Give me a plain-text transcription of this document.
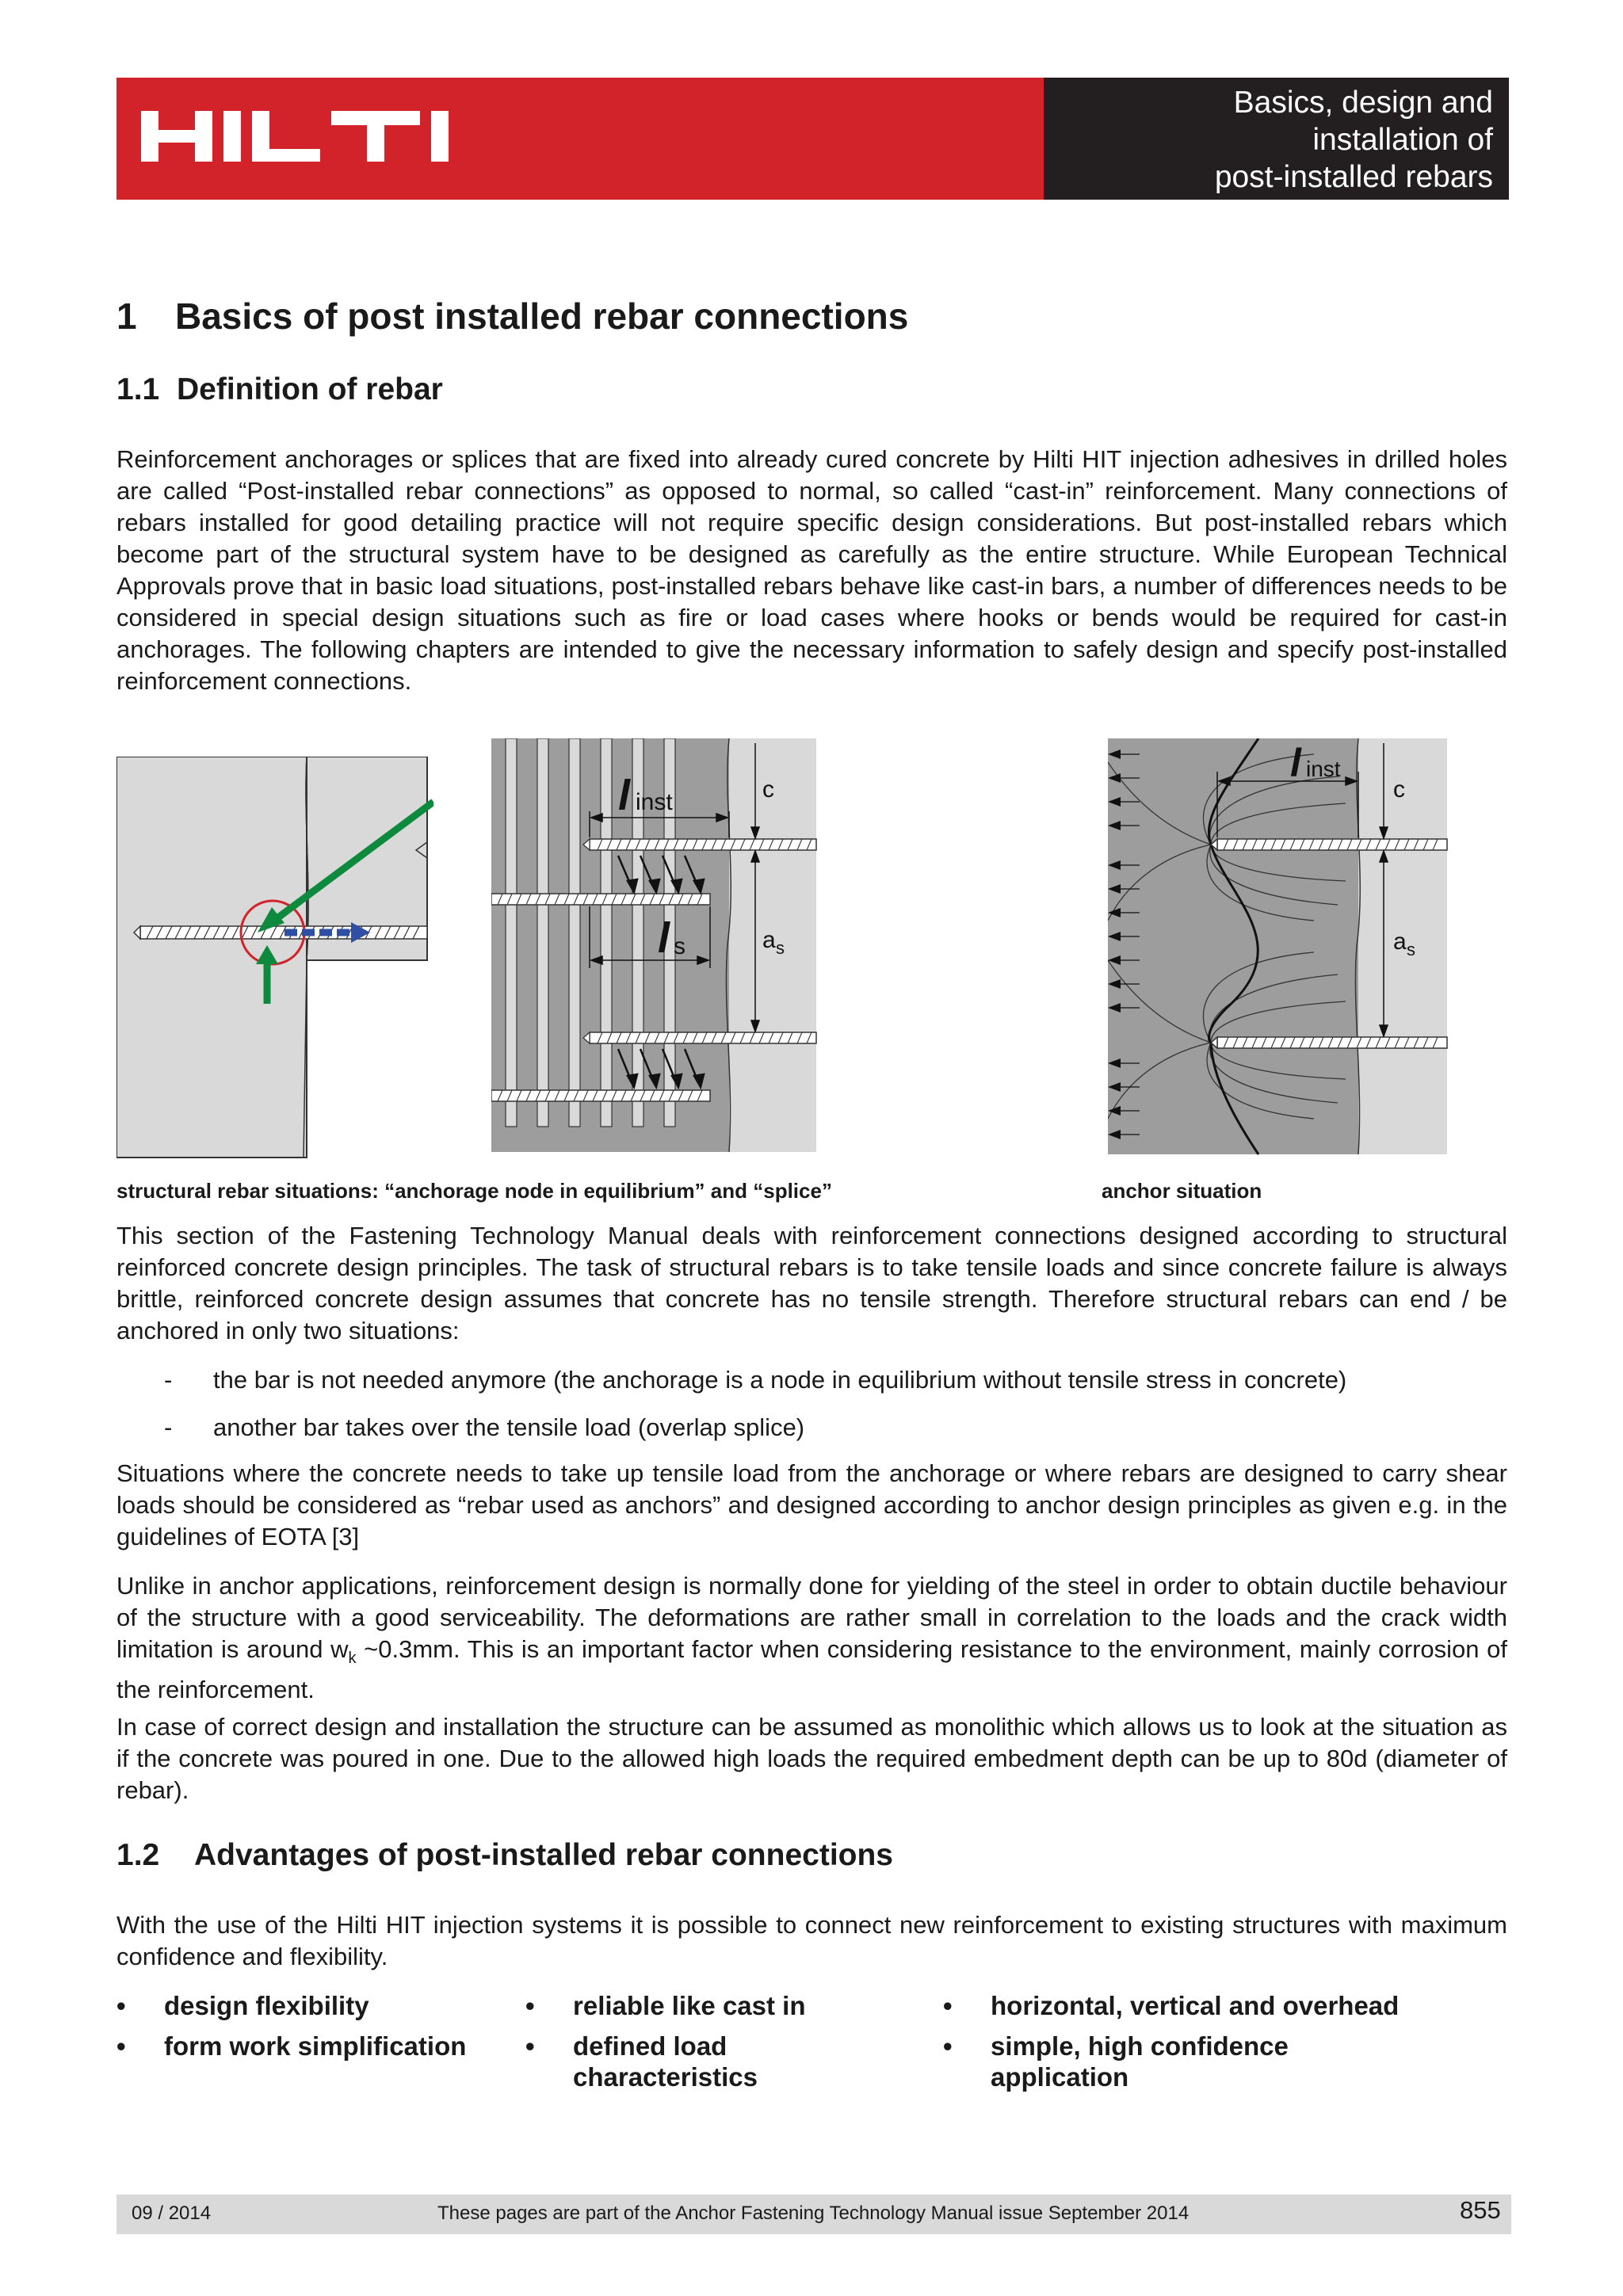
Basics, design and
installation of
post-installed rebars
1 Basics of post installed rebar connections
1.1 Definition of rebar
Reinforcement anchorages or splices that are fixed into already cured concrete by Hilti HIT injection adhesives in drilled holes are called “Post-installed rebar connections” as opposed to normal, so called “cast-in” reinforcement. Many connections of rebars installed for good detailing practice will not require specific design considerations. But post-installed rebars which become part of the structural system have to be designed as carefully as the entire structure. While European Technical Approvals prove that in basic load situations, post-installed rebars behave like cast-in bars, a number of differences needs to be considered in special design situations such as fire or load cases where hooks or bends would be required for cast-in anchorages. The following chapters are intended to give the necessary information to safely design and specify post-installed reinforcement connections.
l inst
l s
c
a s
l inst
c
a s
structural rebar situations: “anchorage node in equilibrium” and “splice”	anchor situation
This section of the Fastening Technology Manual deals with reinforcement connections designed according to structural reinforced concrete design principles. The task of structural rebars is to take tensile loads and since concrete failure is always brittle, reinforced concrete design assumes that concrete has no tensile strength. Therefore structural rebars can end / be anchored in only two situations:
- the bar is not needed anymore (the anchorage is a node in equilibrium without tensile stress in concrete)
- another bar takes over the tensile load (overlap splice)
Situations where the concrete needs to take up tensile load from the anchorage or where rebars are designed to carry shear loads should be considered as “rebar used as anchors” and designed according to anchor design principles as given e.g. in the guidelines of EOTA [3]
Unlike in anchor applications, reinforcement design is normally done for yielding of the steel in order to obtain ductile behaviour of the structure with a good serviceability. The deformations are rather small in correlation to the loads and the crack width limitation is around $w_k$ ~0.3mm. This is an important factor when considering resistance to the environment, mainly corrosion of the reinforcement.
In case of correct design and installation the structure can be assumed as monolithic which allows us to look at the situation as if the concrete was poured in one. Due to the allowed high loads the required embedment depth can be up to 80d (diameter of rebar).
1.2 Advantages of post-installed rebar connections
With the use of the Hilti HIT injection systems it is possible to connect new reinforcement to existing structures with maximum confidence and flexibility.
• design flexibility
• form work simplification
• reliable like cast in
• defined load characteristics
• horizontal, vertical and overhead
• simple, high confidence application
09 / 2014	These pages are part of the Anchor Fastening Technology Manual issue September 2014	855
